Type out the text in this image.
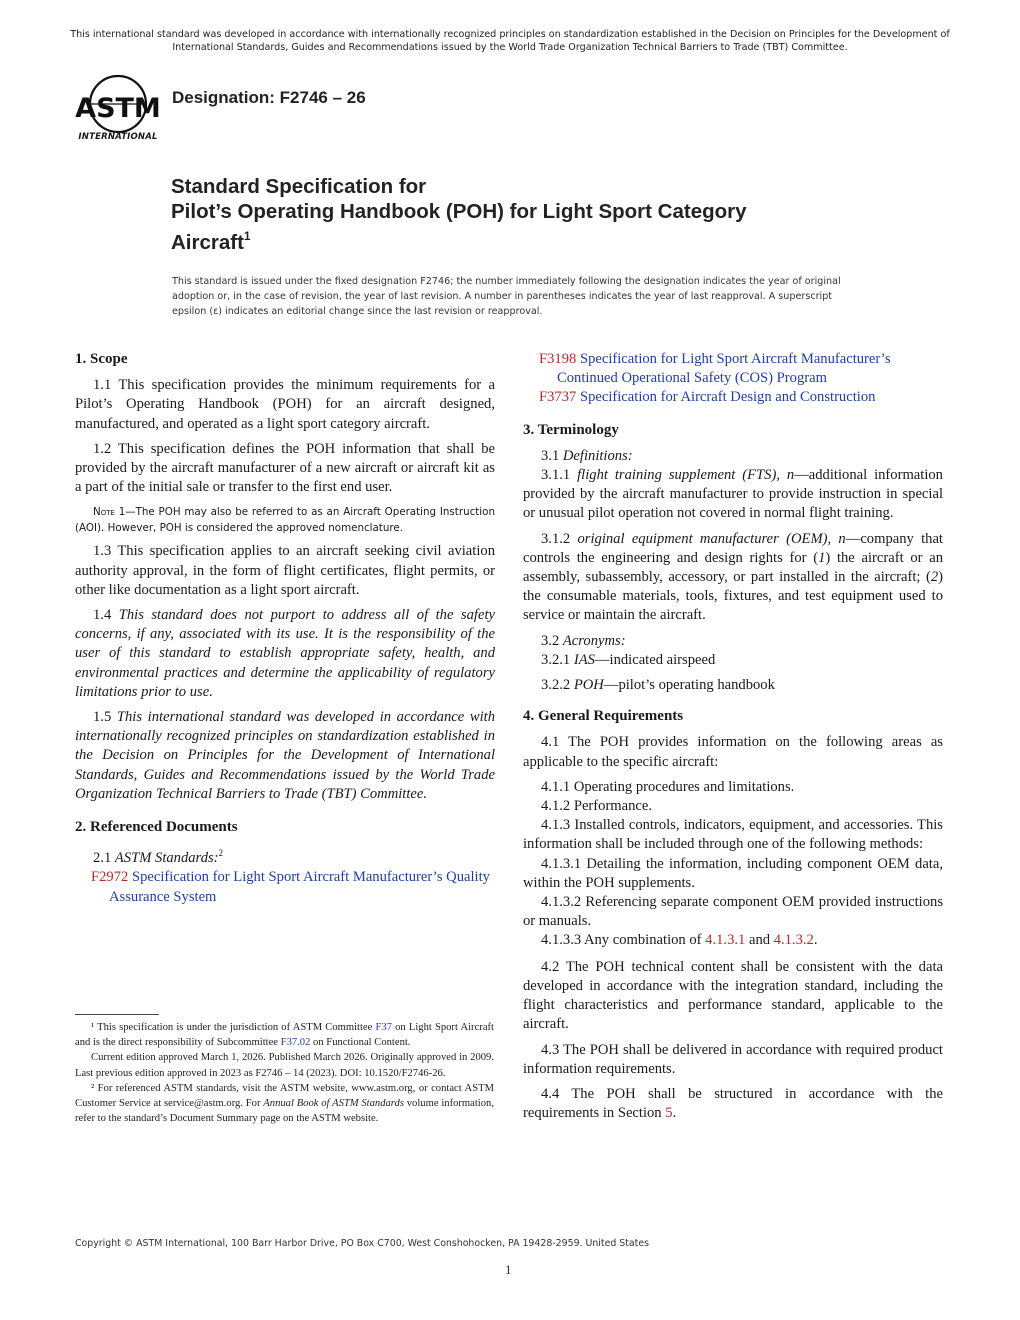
This international standard was developed in accordance with internationally recognized principles on standardization established in the Decision on Principles for the Development of International Standards, Guides and Recommendations issued by the World Trade Organization Technical Barriers to Trade (TBT) Committee.
ASTM
INTERNATIONAL
Designation: F2746 – 26
Standard Specification for
Pilot’s Operating Handbook (POH) for Light Sport Category
Aircraft$^1$
This standard is issued under the fixed designation F2746; the number immediately following the designation indicates the year of original adoption or, in the case of revision, the year of last revision. A number in parentheses indicates the year of last reapproval. A superscript epsilon (ε) indicates an editorial change since the last revision or reapproval.
1. Scope
1.1 This specification provides the minimum requirements for a Pilot’s Operating Handbook (POH) for an aircraft designed, manufactured, and operated as a light sport category aircraft.
1.2 This specification defines the POH information that shall be provided by the aircraft manufacturer of a new aircraft or aircraft kit as a part of the initial sale or transfer to the first end user.
Note 1—The POH may also be referred to as an Aircraft Operating Instruction (AOI). However, POH is considered the approved nomenclature.
1.3 This specification applies to an aircraft seeking civil aviation authority approval, in the form of flight certificates, flight permits, or other like documentation as a light sport aircraft.
1.4 This standard does not purport to address all of the safety concerns, if any, associated with its use. It is the responsibility of the user of this standard to establish appropriate safety, health, and environmental practices and determine the applicability of regulatory limitations prior to use.
1.5 This international standard was developed in accordance with internationally recognized principles on standardization established in the Decision on Principles for the Development of International Standards, Guides and Recommendations issued by the World Trade Organization Technical Barriers to Trade (TBT) Committee.
2. Referenced Documents
2.1 ASTM Standards:$^2$
F2972 Specification for Light Sport Aircraft Manufacturer’s Quality Assurance System
F3198 Specification for Light Sport Aircraft Manufacturer’s Continued Operational Safety (COS) Program
F3737 Specification for Aircraft Design and Construction
3. Terminology
3.1 Definitions:
3.1.1 flight training supplement (FTS), n—additional information provided by the aircraft manufacturer to provide instruction in special or unusual pilot operation not covered in normal flight training.
3.1.2 original equipment manufacturer (OEM), n—company that controls the engineering and design rights for (1) the aircraft or an assembly, subassembly, accessory, or part installed in the aircraft; (2) the consumable materials, tools, fixtures, and test equipment used to service or maintain the aircraft.
3.2 Acronyms:
3.2.1 IAS—indicated airspeed
3.2.2 POH—pilot’s operating handbook
4. General Requirements
4.1 The POH provides information on the following areas as applicable to the specific aircraft:
4.1.1 Operating procedures and limitations.
4.1.2 Performance.
4.1.3 Installed controls, indicators, equipment, and accessories. This information shall be included through one of the following methods:
4.1.3.1 Detailing the information, including component OEM data, within the POH supplements.
4.1.3.2 Referencing separate component OEM provided instructions or manuals.
4.1.3.3 Any combination of 4.1.3.1 and 4.1.3.2.
4.2 The POH technical content shall be consistent with the data developed in accordance with the integration standard, including the flight characteristics and performance standard, applicable to the aircraft.
4.3 The POH shall be delivered in accordance with required product information requirements.
4.4 The POH shall be structured in accordance with the requirements in Section 5.
¹ This specification is under the jurisdiction of ASTM Committee F37 on Light Sport Aircraft and is the direct responsibility of Subcommittee F37.02 on Functional Content.
Current edition approved March 1, 2026. Published March 2026. Originally approved in 2009. Last previous edition approved in 2023 as F2746 – 14 (2023). DOI: 10.1520/F2746-26.
² For referenced ASTM standards, visit the ASTM website, www.astm.org, or contact ASTM Customer Service at service@astm.org. For Annual Book of ASTM Standards volume information, refer to the standard’s Document Summary page on the ASTM website.
Copyright © ASTM International, 100 Barr Harbor Drive, PO Box C700, West Conshohocken, PA 19428-2959. United States
1
